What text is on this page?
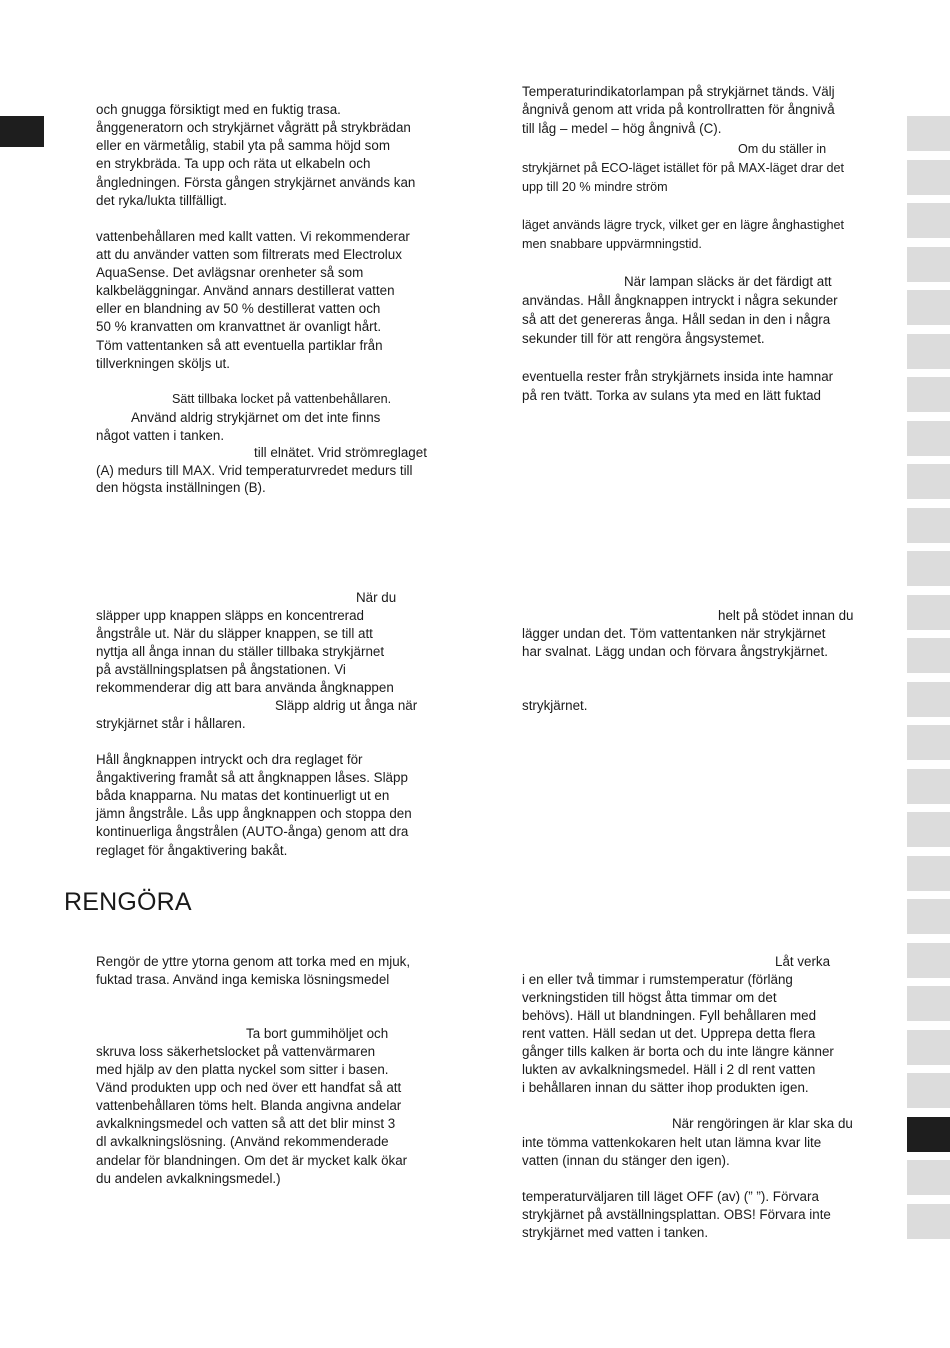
och gnugga försiktigt med en fuktig trasa.
ånggeneratorn och strykjärnet vågrätt på strykbrädan
eller en värmetålig, stabil yta på samma höjd som
en strykbräda. Ta upp och räta ut elkabeln och
ångledningen. Första gången strykjärnet används kan
det ryka/lukta tillfälligt.
vattenbehållaren med kallt vatten. Vi rekommenderar
att du använder vatten som filtrerats med Electrolux
AquaSense. Det avlägsnar orenheter så som
kalkbeläggningar. Använd annars destillerat vatten
eller en blandning av 50 % destillerat vatten och
50 % kranvatten om kranvattnet är ovanligt hårt.
Töm vattentanken så att eventuella partiklar från
tillverkningen sköljs ut.
Sätt tillbaka locket på vattenbehållaren.
Använd aldrig strykjärnet om det inte finns
något vatten i tanken.
till elnätet. Vrid strömreglaget
(A) medurs till MAX. Vrid temperaturvredet medurs till
den högsta inställningen (B).
När du
släpper upp knappen släpps en koncentrerad
ångstråle ut. När du släpper knappen, se till att
nyttja all ånga innan du ställer tillbaka strykjärnet
på avställningsplatsen på ångstationen. Vi
rekommenderar dig att bara använda ångknappen
Släpp aldrig ut ånga när
strykjärnet står i hållaren.
Håll ångknappen intryckt och dra reglaget för
ångaktivering framåt så att ångknappen låses. Släpp
båda knapparna. Nu matas det kontinuerligt ut en
jämn ångstråle. Lås upp ångknappen och stoppa den
kontinuerliga ångstrålen (AUTO-ånga) genom att dra
reglaget för ångaktivering bakåt.
Rengör de yttre ytorna genom att torka med en mjuk,
fuktad trasa. Använd inga kemiska lösningsmedel
Ta bort gummihöljet och
skruva loss säkerhetslocket på vattenvärmaren
med hjälp av den platta nyckel som sitter i basen.
Vänd produkten upp och ned över ett handfat så att
vattenbehållaren töms helt. Blanda angivna andelar
avkalkningsmedel och vatten så att det blir minst 3
dl avkalkningslösning. (Använd rekommenderade
andelar för blandningen. Om det är mycket kalk ökar
du andelen avkalkningsmedel.)
RENGÖRA
Temperaturindikatorlampan på strykjärnet tänds. Välj
ångnivå genom att vrida på kontrollratten för ångnivå
till låg – medel – hög ångnivå (C).
Om du ställer in
strykjärnet på ECO-läget istället för på MAX-läget drar det
upp till 20 % mindre ström
läget används lägre tryck, vilket ger en lägre ånghastighet
men snabbare uppvärmningstid.
När lampan släcks är det färdigt att
användas. Håll ångknappen intryckt i några sekunder
så att det genereras ånga. Håll sedan in den i några
sekunder till för att rengöra ångsystemet.
eventuella rester från strykjärnets insida inte hamnar
på ren tvätt. Torka av sulans yta med en lätt fuktad
helt på stödet innan du
lägger undan det. Töm vattentanken när strykjärnet
har svalnat. Lägg undan och förvara ångstrykjärnet.
strykjärnet.
Låt verka
i en eller två timmar i rumstemperatur (förläng
verkningstiden till högst åtta timmar om det
behövs). Häll ut blandningen. Fyll behållaren med
rent vatten. Häll sedan ut det. Upprepa detta flera
gånger tills kalken är borta och du inte längre känner
lukten av avkalkningsmedel. Häll i 2 dl rent vatten
i behållaren innan du sätter ihop produkten igen.
När rengöringen är klar ska du
inte tömma vattenkokaren helt utan lämna kvar lite
vatten (innan du stänger den igen).
temperaturväljaren till läget OFF (av) (” ”). Förvara
strykjärnet på avställningsplattan. OBS! Förvara inte
strykjärnet med vatten i tanken.
